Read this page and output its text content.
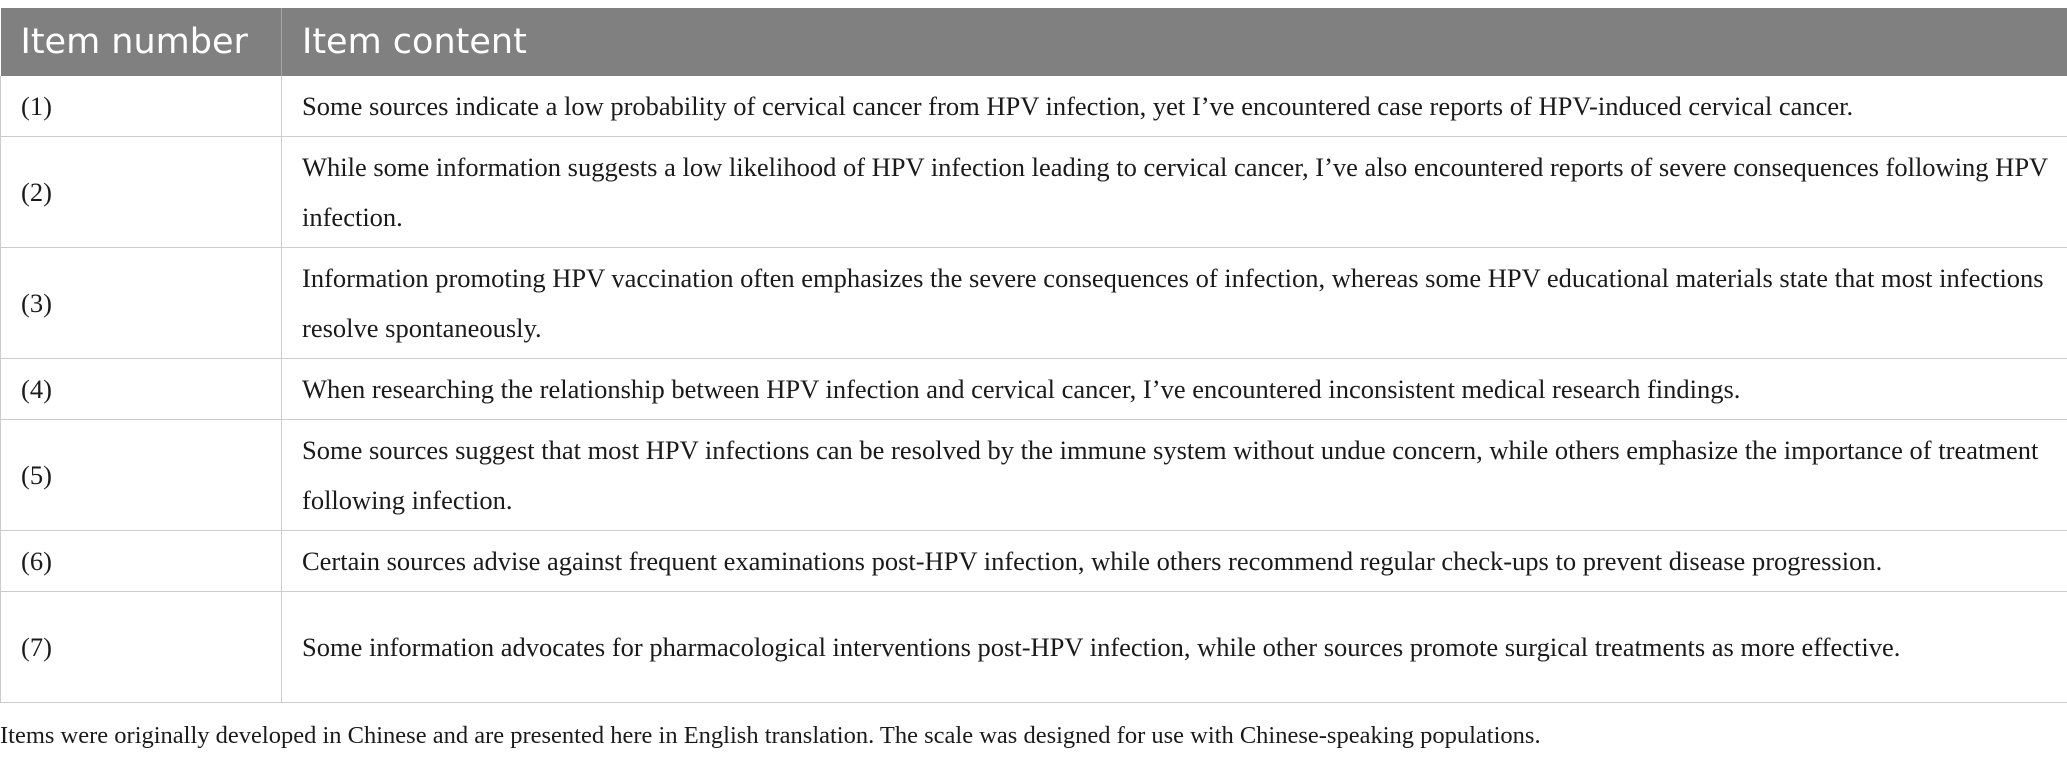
Item number	Item content
(1)	Some sources indicate a low probability of cervical cancer from HPV infection, yet I’ve encountered case reports of HPV-induced cervical cancer.
(2)	While some information suggests a low likelihood of HPV infection leading to cervical cancer, I’ve also encountered reports of severe consequences following HPV infection.
(3)	Information promoting HPV vaccination often emphasizes the severe consequences of infection, whereas some HPV educational materials state that most infections resolve spontaneously.
(4)	When researching the relationship between HPV infection and cervical cancer, I’ve encountered inconsistent medical research findings.
(5)	Some sources suggest that most HPV infections can be resolved by the immune system without undue concern, while others emphasize the importance of treatment following infection.
(6)	Certain sources advise against frequent examinations post-HPV infection, while others recommend regular check-ups to prevent disease progression.
(7)	Some information advocates for pharmacological interventions post-HPV infection, while other sources promote surgical treatments as more effective.
Items were originally developed in Chinese and are presented here in English translation. The scale was designed for use with Chinese-speaking populations.
